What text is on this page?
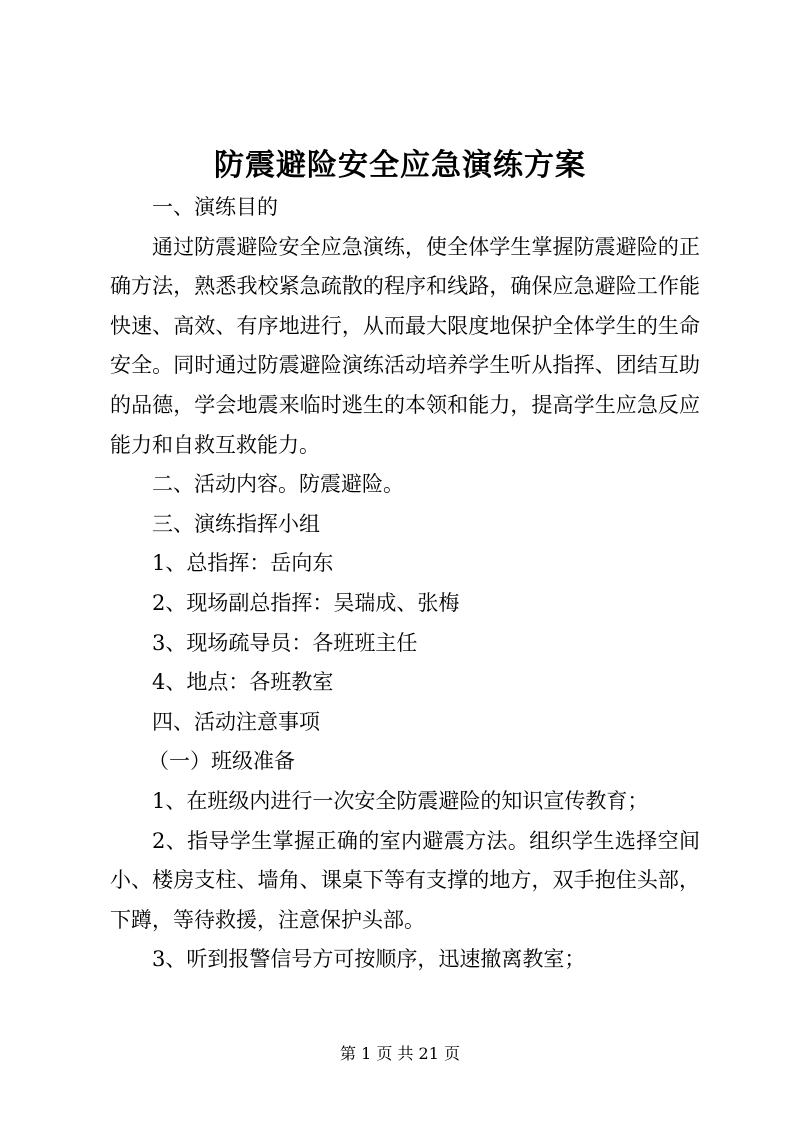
防震避险安全应急演练方案

一、演练目的

通过防震避险安全应急演练，使全体学生掌握防震避险的正确方法，熟悉我校紧急疏散的程序和线路，确保应急避险工作能快速、高效、有序地进行，从而最大限度地保护全体学生的生命安全。同时通过防震避险演练活动培养学生听从指挥、团结互助的品德，学会地震来临时逃生的本领和能力，提高学生应急反应能力和自救互救能力。

二、活动内容。防震避险。

三、演练指挥小组

1、总指挥：岳向东

2、现场副总指挥：吴瑞成、张梅

3、现场疏导员：各班班主任

4、地点：各班教室

四、活动注意事项

（一）班级准备

1、在班级内进行一次安全防震避险的知识宣传教育；

2、指导学生掌握正确的室内避震方法。组织学生选择空间小、楼房支柱、墙角、课桌下等有支撑的地方，双手抱住头部，下蹲，等待救援，注意保护头部。

3、听到报警信号方可按顺序，迅速撤离教室；

第 1 页 共 21 页
